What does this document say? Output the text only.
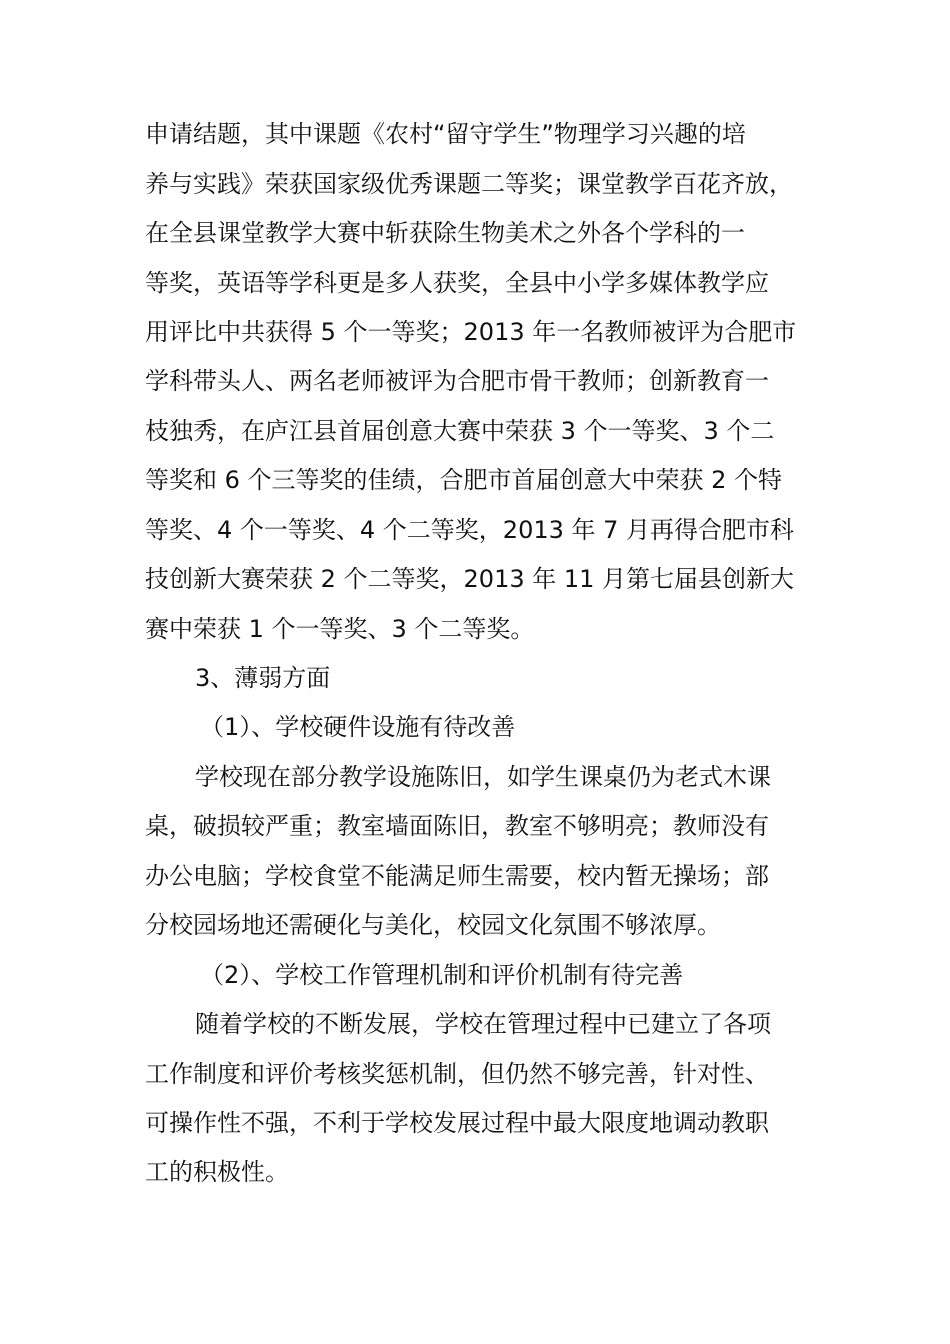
申请结题，其中课题《农村“留守学生”物理学习兴趣的培
养与实践》荣获国家级优秀课题二等奖；课堂教学百花齐放，
在全县课堂教学大赛中斩获除生物美术之外各个学科的一
等奖，英语等学科更是多人获奖，全县中小学多媒体教学应
用评比中共获得 5 个一等奖；2013 年一名教师被评为合肥市
学科带头人、两名老师被评为合肥市骨干教师；创新教育一
枝独秀，在庐江县首届创意大赛中荣获 3 个一等奖、3 个二
等奖和 6 个三等奖的佳绩，合肥市首届创意大中荣获 2 个特
等奖、4 个一等奖、4 个二等奖，2013 年 7 月再得合肥市科
技创新大赛荣获 2 个二等奖，2013 年 11 月第七届县创新大
赛中荣获 1 个一等奖、3 个二等奖。
3、薄弱方面
（1）、学校硬件设施有待改善
学校现在部分教学设施陈旧，如学生课桌仍为老式木课
桌，破损较严重；教室墙面陈旧，教室不够明亮；教师没有
办公电脑；学校食堂不能满足师生需要，校内暂无操场；部
分校园场地还需硬化与美化，校园文化氛围不够浓厚。
（2）、学校工作管理机制和评价机制有待完善
随着学校的不断发展，学校在管理过程中已建立了各项
工作制度和评价考核奖惩机制，但仍然不够完善，针对性、
可操作性不强，不利于学校发展过程中最大限度地调动教职
工的积极性。
